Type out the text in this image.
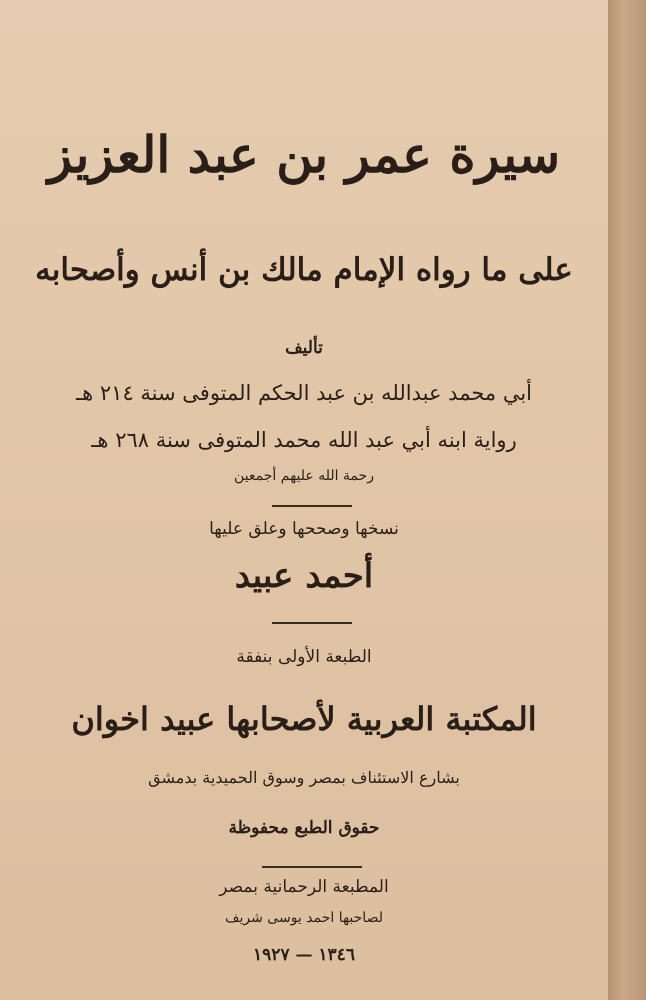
سيرة عمر بن عبد العزيز
على ما رواه الإمام مالك بن أنس وأصحابه
تأليف
أبي محمد عبدالله بن عبد الحكم المتوفى سنة ٢١٤ هـ
رواية ابنه أبي عبد الله محمد المتوفى سنة ٢٦٨ هـ
رحمة الله عليهم أجمعين
نسخها وصححها وعلق عليها
أحمد عبيد
الطبعة الأولى بنفقة
المكتبة العربية لأصحابها عبيد اخوان
بشارع الاستئناف بمصر وسوق الحميدية بدمشق
حقوق الطبع محفوظة
المطبعة الرحمانية بمصر
لصاحبها احمد يوسى شريف
١٣٤٦ — ١٩٢٧
